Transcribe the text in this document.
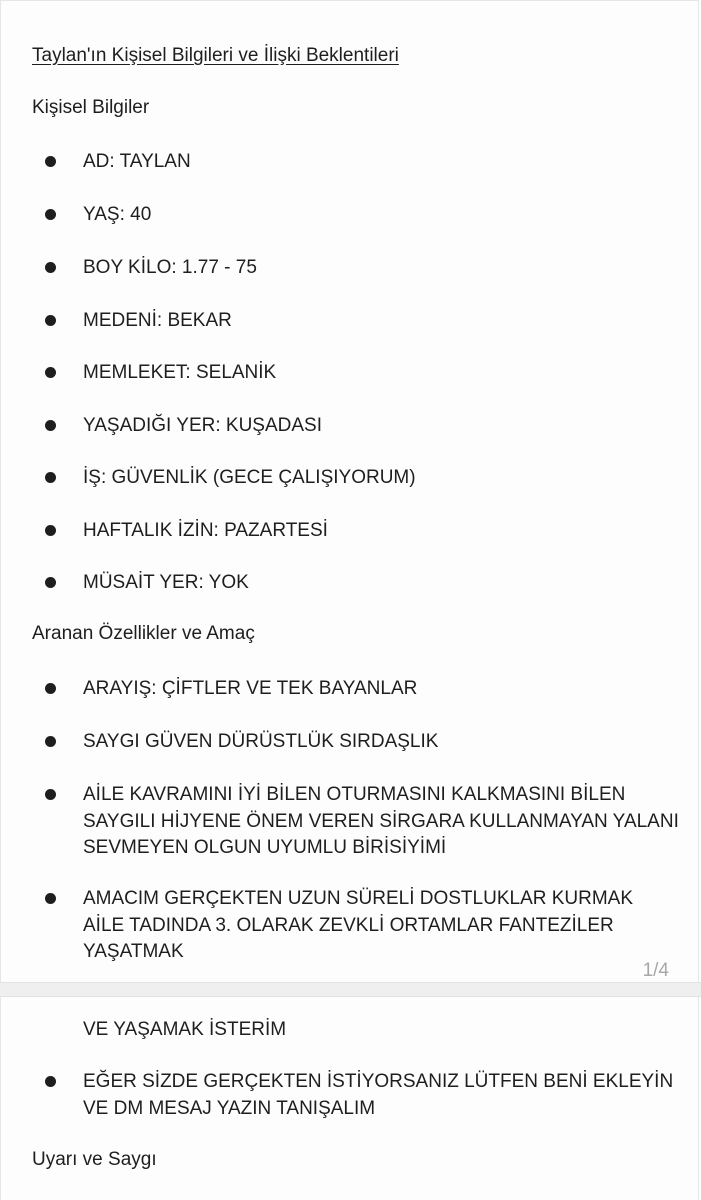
Taylan'ın Kişisel Bilgileri ve İlişki Beklentileri
Kişisel Bilgiler
AD: TAYLAN
YAŞ: 40
BOY KİLO: 1.77 - 75
MEDENİ: BEKAR
MEMLEKET: SELANİK
YAŞADIĞI YER: KUŞADASI
İŞ: GÜVENLİK (GECE ÇALIŞIYORUM)
HAFTALIK İZİN: PAZARTESİ
MÜSAİT YER: YOK
Aranan Özellikler ve Amaç
ARAYIŞ: ÇİFTLER VE TEK BAYANLAR
SAYGI GÜVEN DÜRÜSTLÜK SIRDAŞLIK
AİLE KAVRAMINI İYİ BİLEN OTURMASINI KALKMASINI BİLEN SAYGILI HİJYENE ÖNEM VEREN SİRGARA KULLANMAYAN YALANI SEVMEYEN OLGUN UYUMLU BİRİSİYİMİ
AMACIM GERÇEKTEN UZUN SÜRELİ DOSTLUKLAR KURMAK  AİLE TADINDA 3. OLARAK ZEVKLİ ORTAMLAR FANTEZİLER YAŞATMAK
1/4
VE YAŞAMAK İSTERİM
EĞER SİZDE GERÇEKTEN İSTİYORSANIZ LÜTFEN BENİ EKLEYİN VE DM MESAJ YAZIN TANIŞALIM
Uyarı ve Saygı
